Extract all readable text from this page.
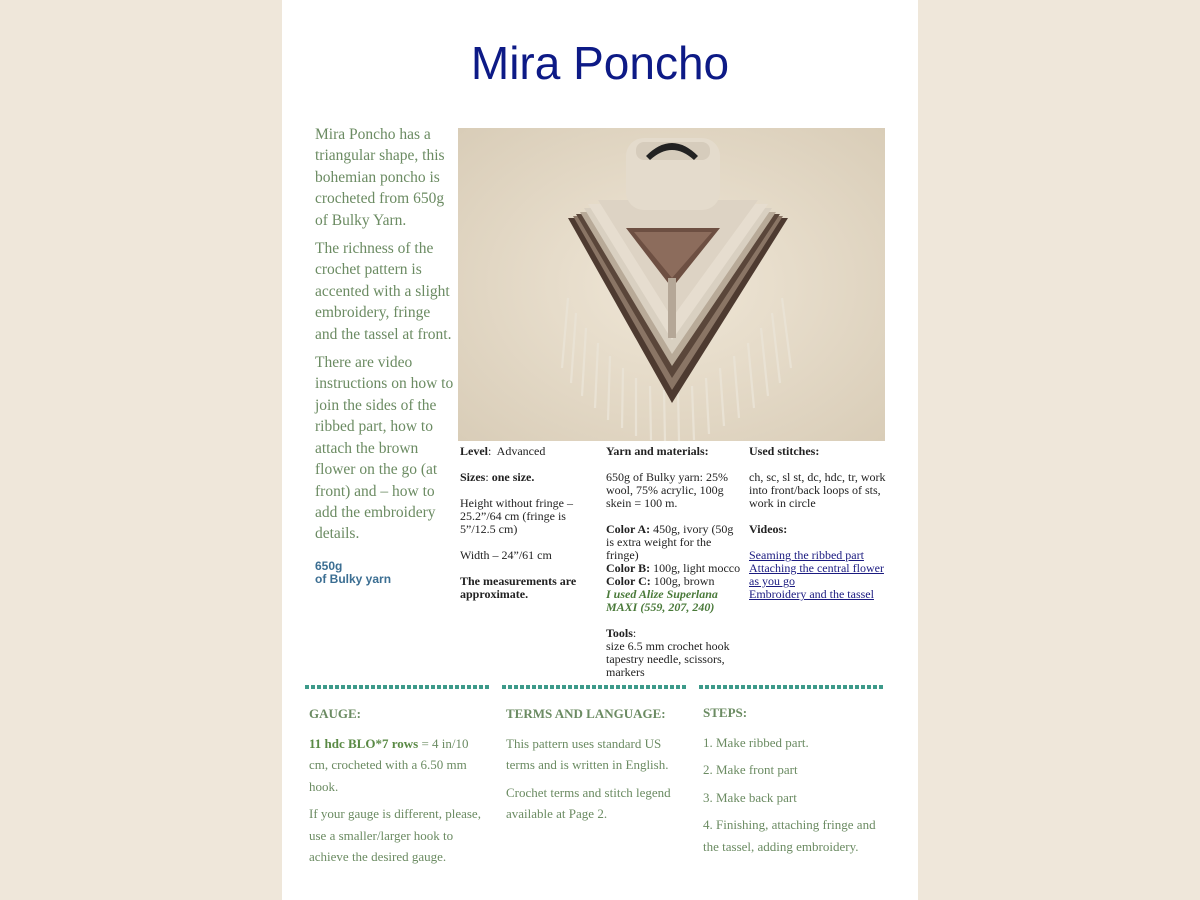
Mira Poncho

Mira Poncho has a triangular shape, this bohemian poncho is crocheted from 650g of Bulky Yarn.

The richness of the crochet pattern is accented with a slight embroidery, fringe and the tassel at front.

There are video instructions on how to join the sides of the ribbed part, how to attach the brown flower on the go (at front) and – how to add the embroidery details.

650g
of Bulky yarn

Level:  Advanced

Sizes: one size.

Height without fringe – 25.2”/64 cm (fringe is 5”/12.5 cm)

Width – 24”/61 cm

The measurements are approximate.

Yarn and materials:

650g of Bulky yarn: 25% wool, 75% acrylic, 100g skein = 100 m.

Color A: 450g, ivory (50g is extra weight for the fringe)
Color B: 100g, light mocco
Color C: 100g, brown
I used Alize Superlana
MAXI (559, 207, 240)

Tools:
size 6.5 mm crochet hook tapestry needle, scissors, markers

Used stitches:

ch, sc, sl st, dc, hdc, tr, work into front/back loops of sts, work in circle

Videos:

Seaming the ribbed part
Attaching the central flower as you go
Embroidery and the tassel

GAUGE:

11 hdc BLO*7 rows = 4 in/10 cm, crocheted with a 6.50 mm hook.

If your gauge is different, please, use a smaller/larger hook to achieve the desired gauge.

TERMS AND LANGUAGE:

This pattern uses standard US terms and is written in English.

Crochet terms and stitch legend available at Page 2.

STEPS:

1. Make ribbed part.

2. Make front part

3. Make back part

4. Finishing, attaching fringe and the tassel, adding embroidery.
